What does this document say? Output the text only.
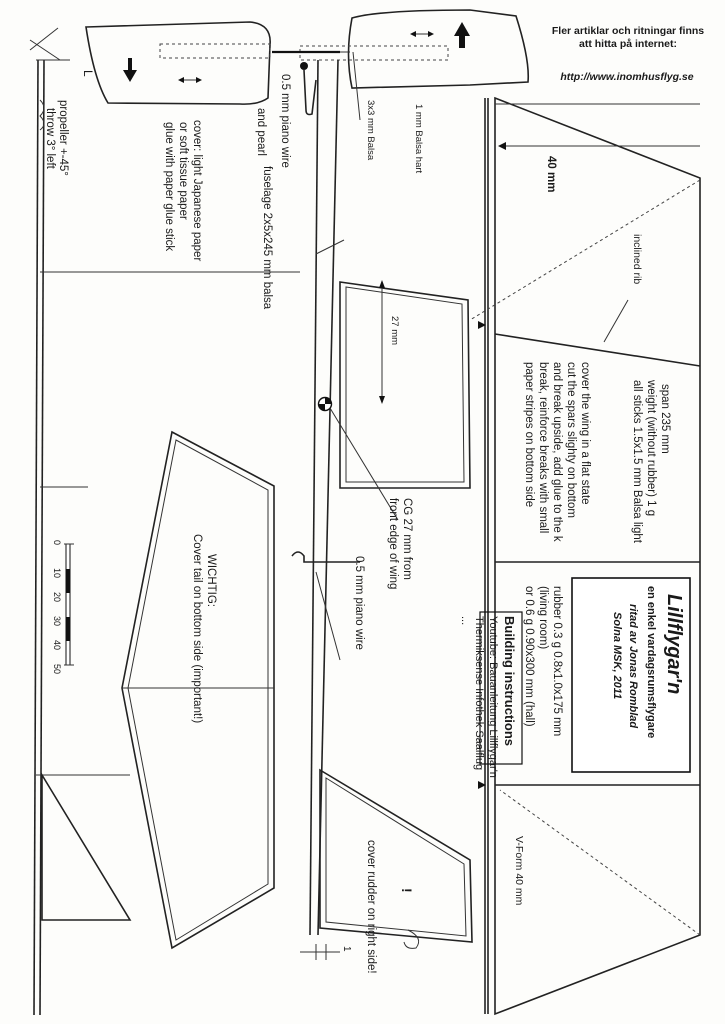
Fler artiklar och ritningar finns
att hitta på internet:
http://www.inomhusflyg.se
propeller +-45°
throw 3° left	cover: light Japanese paper
or soft tissue paper
glue with paper glue stick
0.5 mm piano wire
and pearl	3x3 mm Balsa	1 mm Balsa hart
fuselage 2x5x245 mm balsa	40 mm
inclined rib
27 mm
span 235 mm
weight (without rubber) 1 g
all sticks 1.5x1.5 mm Balsa light
cover the wing in a flat state
cut the spars slighty on bottom
and break upside, add glue to the k
break, reinforce breaks with small
paper stripes on bottom side
Lillflygar'n
en enkel vardagsrumsflygare
ritad av Jonas Romblad
Solna MSK, 2011
rubber 0.3 g 0.8x1.0x175 mm
(living room)
or 0.6 g 0.90x300 mm (hall)
Building instructions
Youtube: Bauanleitung Lillflygar'n
Thermiksense Infothek Saalflug
...
CG 27 mm from
front edge of wing
0.5 mm piano wire
V-Form 40 mm
WICHTIG:
Cover tail on bottom side (important!)
cover rudder on right side! !
1
L
0
10
20
30
40
50
